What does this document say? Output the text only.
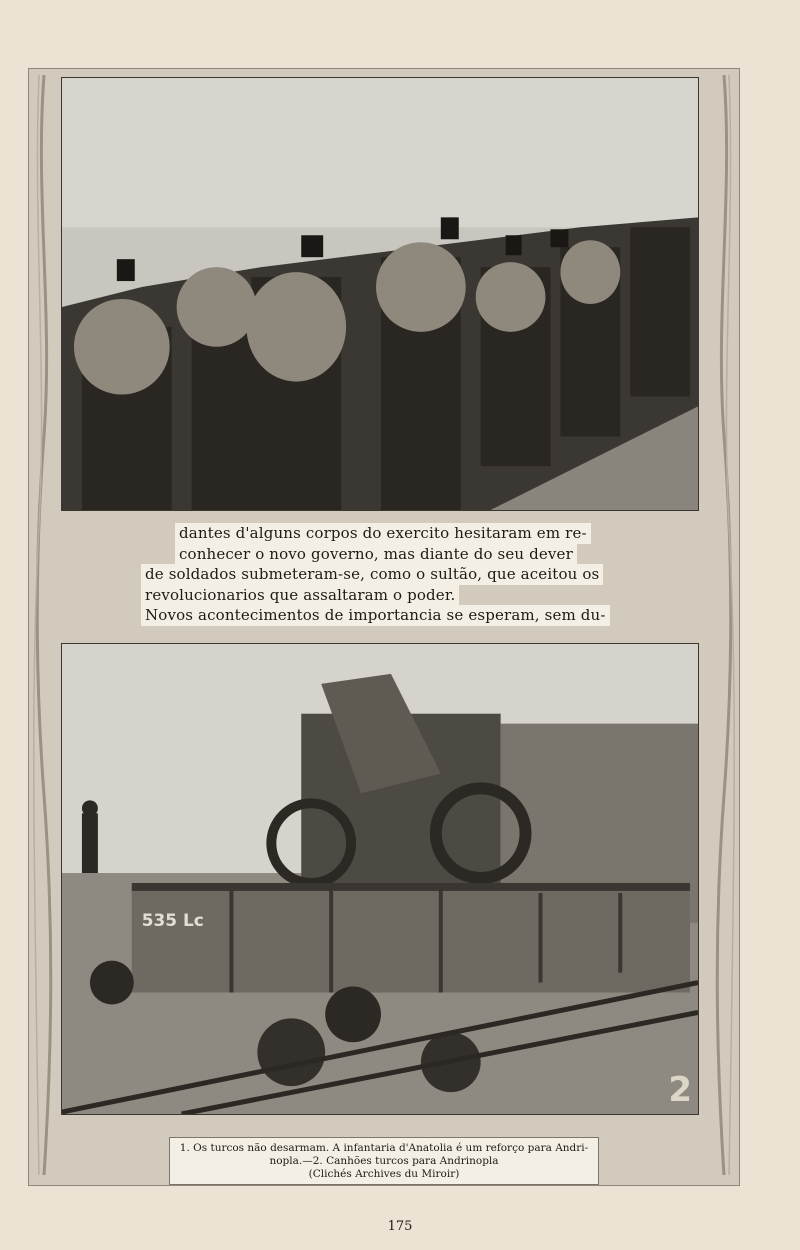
dantes d'alguns corpos do exercito hesitaram em re-
conhecer o novo governo, mas diante do seu dever
de soldados submeteram-se, como o sultão, que aceitou os
revolucionarios que assaltaram o poder.
Novos acontecimentos de importancia se esperam, sem du-
535 Lc
2
1. Os turcos não desarmam. A infantaria d'Anatolia é um reforço para Andri-
nopla.—2. Canhões turcos para Andrinopla
(Clichés Archives du Miroir)
175
